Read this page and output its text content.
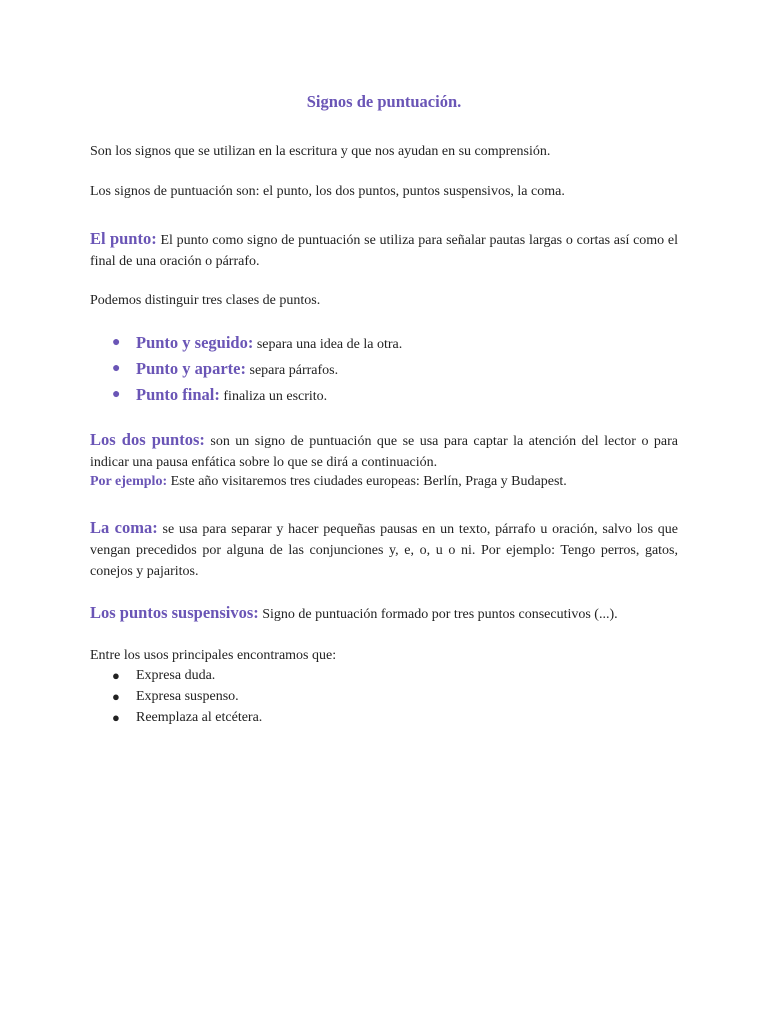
Signos de puntuación.
Son los signos que se utilizan en la escritura y que nos ayudan en su comprensión.
Los signos de puntuación son: el punto, los dos puntos, puntos suspensivos, la coma.
El punto: El punto como signo de puntuación se utiliza para señalar pautas largas o cortas así como el final de una oración o párrafo.
Podemos distinguir tres clases de puntos.
● Punto y seguido: separa una idea de la otra.
● Punto y aparte: separa párrafos.
● Punto final: finaliza un escrito.
Los dos puntos: son un signo de puntuación que se usa para captar la atención del lector o para indicar una pausa enfática sobre lo que se dirá a continuación.
Por ejemplo: Este año visitaremos tres ciudades europeas: Berlín, Praga y Budapest.
La coma: se usa para separar y hacer pequeñas pausas en un texto, párrafo u oración, salvo los que vengan precedidos por alguna de las conjunciones y, e, o, u o ni. Por ejemplo: Tengo perros, gatos, conejos y pajaritos.
Los puntos suspensivos: Signo de puntuación formado por tres puntos consecutivos (...).
Entre los usos principales encontramos que:
● Expresa duda.
● Expresa suspenso.
● Reemplaza al etcétera.
